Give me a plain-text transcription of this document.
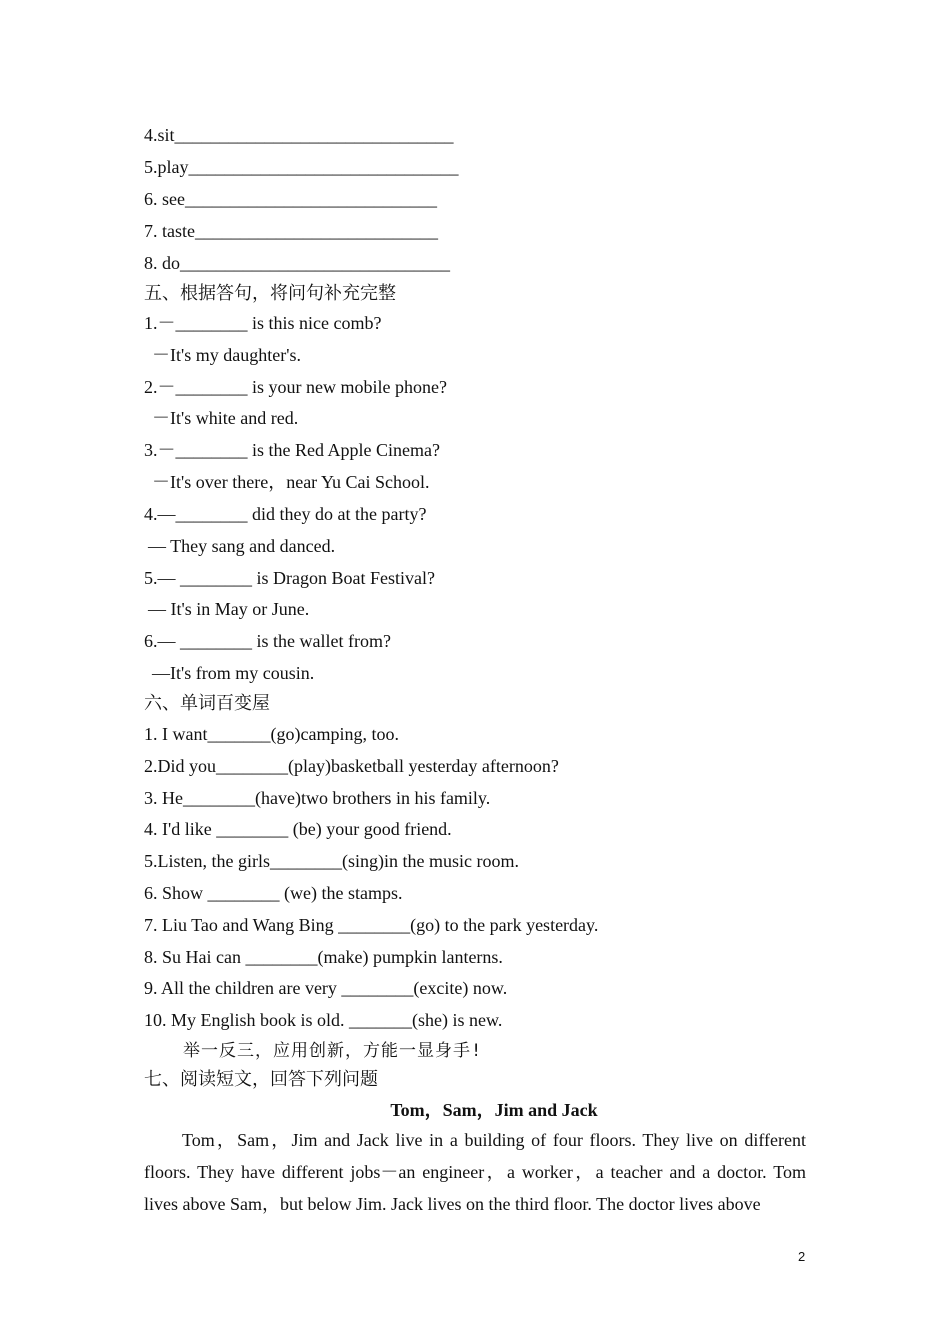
4.sit_______________________________
5.play______________________________
6. see____________________________
7. taste___________________________
8. do______________________________
五、根据答句，将问句补充完整
1.－________ is this nice comb?
－It's my daughter's.
2.－________ is your new mobile phone?
－It's white and red.
3.－________ is the Red Apple Cinema?
－It's over there，near Yu Cai School.
4.—________ did they do at the party?
— They sang and danced.
5.— ________ is Dragon Boat Festival?
— It's in May or June.
6.— ________ is the wallet from?
—It's from my cousin.
六、单词百变屋
1. I want_______(go)camping, too.
2.Did you________(play)basketball yesterday afternoon?
3. He________(have)two brothers in his family.
4. I'd like ________ (be) your good friend.
5.Listen, the girls________(sing)in the music room.
6. Show ________ (we) the stamps.
7. Liu Tao and Wang Bing ________(go) to the park yesterday.
8. Su Hai can ________(make) pumpkin lanterns.
9. All the children are very ________(excite) now.
10. My English book is old. _______(she) is new.
举一反三，应用创新，方能一显身手!
七、阅读短文，回答下列问题
Tom，Sam，Jim and Jack
Tom，Sam，Jim and Jack live in a building of four floors. They live on different floors. They have different jobs－an engineer，a worker，a teacher and a doctor. Tom lives above Sam，but below Jim. Jack lives on the third floor. The doctor lives above
2
